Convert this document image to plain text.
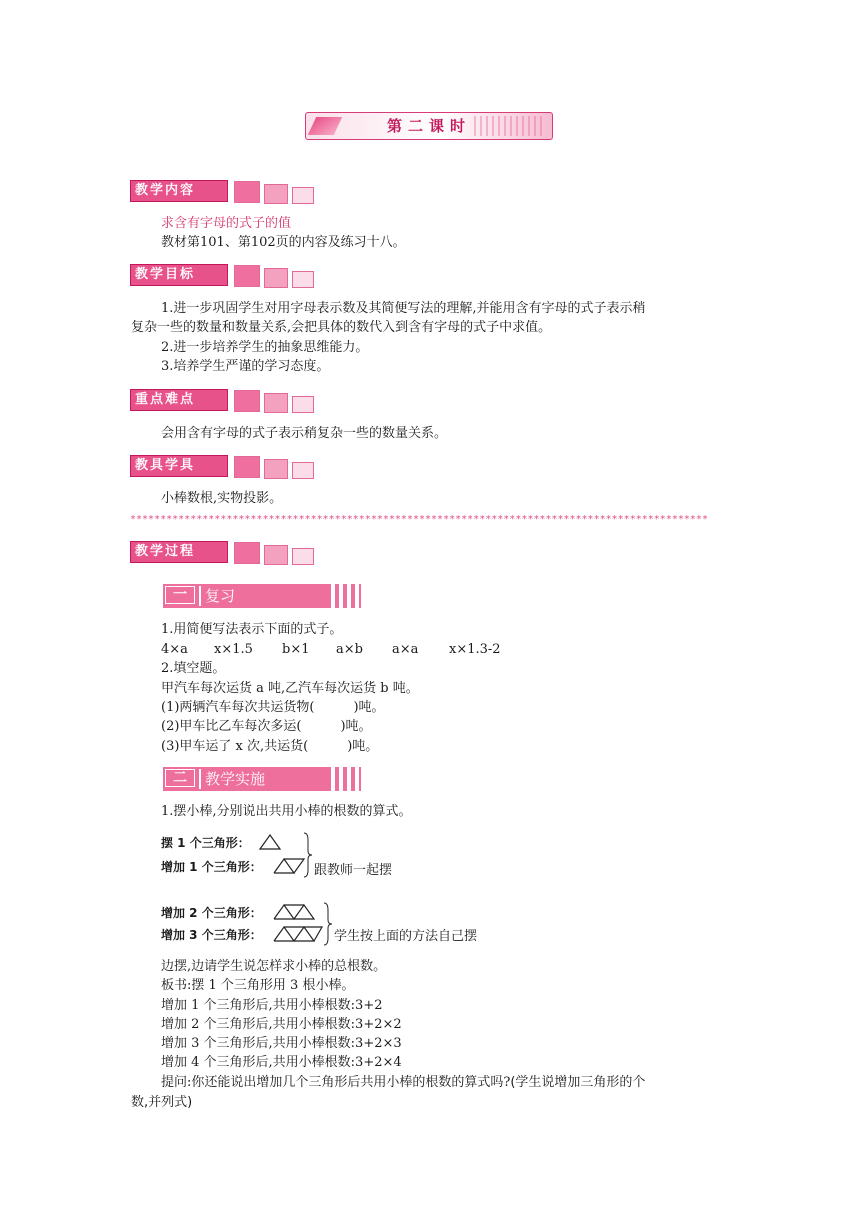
第二课时
教学内容
求含有字母的式子的值
教材第101、第102页的内容及练习十八。
教学目标
1.进一步巩固学生对用字母表示数及其简便写法的理解,并能用含有字母的式子表示稍
复杂一些的数量和数量关系,会把具体的数代入到含有字母的式子中求值。
2.进一步培养学生的抽象思维能力。
3.培养学生严谨的学习态度。
重点难点
会用含有字母的式子表示稍复杂一些的数量关系。
教具学具
小棒数根,实物投影。
************************************************************************************************
教学过程
一	复习
1.用简便写法表示下面的式子。
4×a x×1.5 b×1 a×b a×a x×1.3-2
2.填空题。
甲汽车每次运货 a 吨,乙汽车每次运货 b 吨。
(1)两辆汽车每次共运货物(　　　)吨。
(2)甲车比乙车每次多运(　　　)吨。
(3)甲车运了 x 次,共运货(　　　)吨。
二	教学实施
1.摆小棒,分别说出共用小棒的根数的算式。
摆 1 个三角形：
增加 1 个三角形：	跟教师一起摆
增加 2 个三角形：
增加 3 个三角形：	学生按上面的方法自己摆
边摆,边请学生说怎样求小棒的总根数。
板书:摆 1 个三角形用 3 根小棒。
增加 1 个三角形后,共用小棒根数:3+2
增加 2 个三角形后,共用小棒根数:3+2×2
增加 3 个三角形后,共用小棒根数:3+2×3
增加 4 个三角形后,共用小棒根数:3+2×4
提问:你还能说出增加几个三角形后共用小棒的根数的算式吗?(学生说增加三角形的个
数,并列式)
